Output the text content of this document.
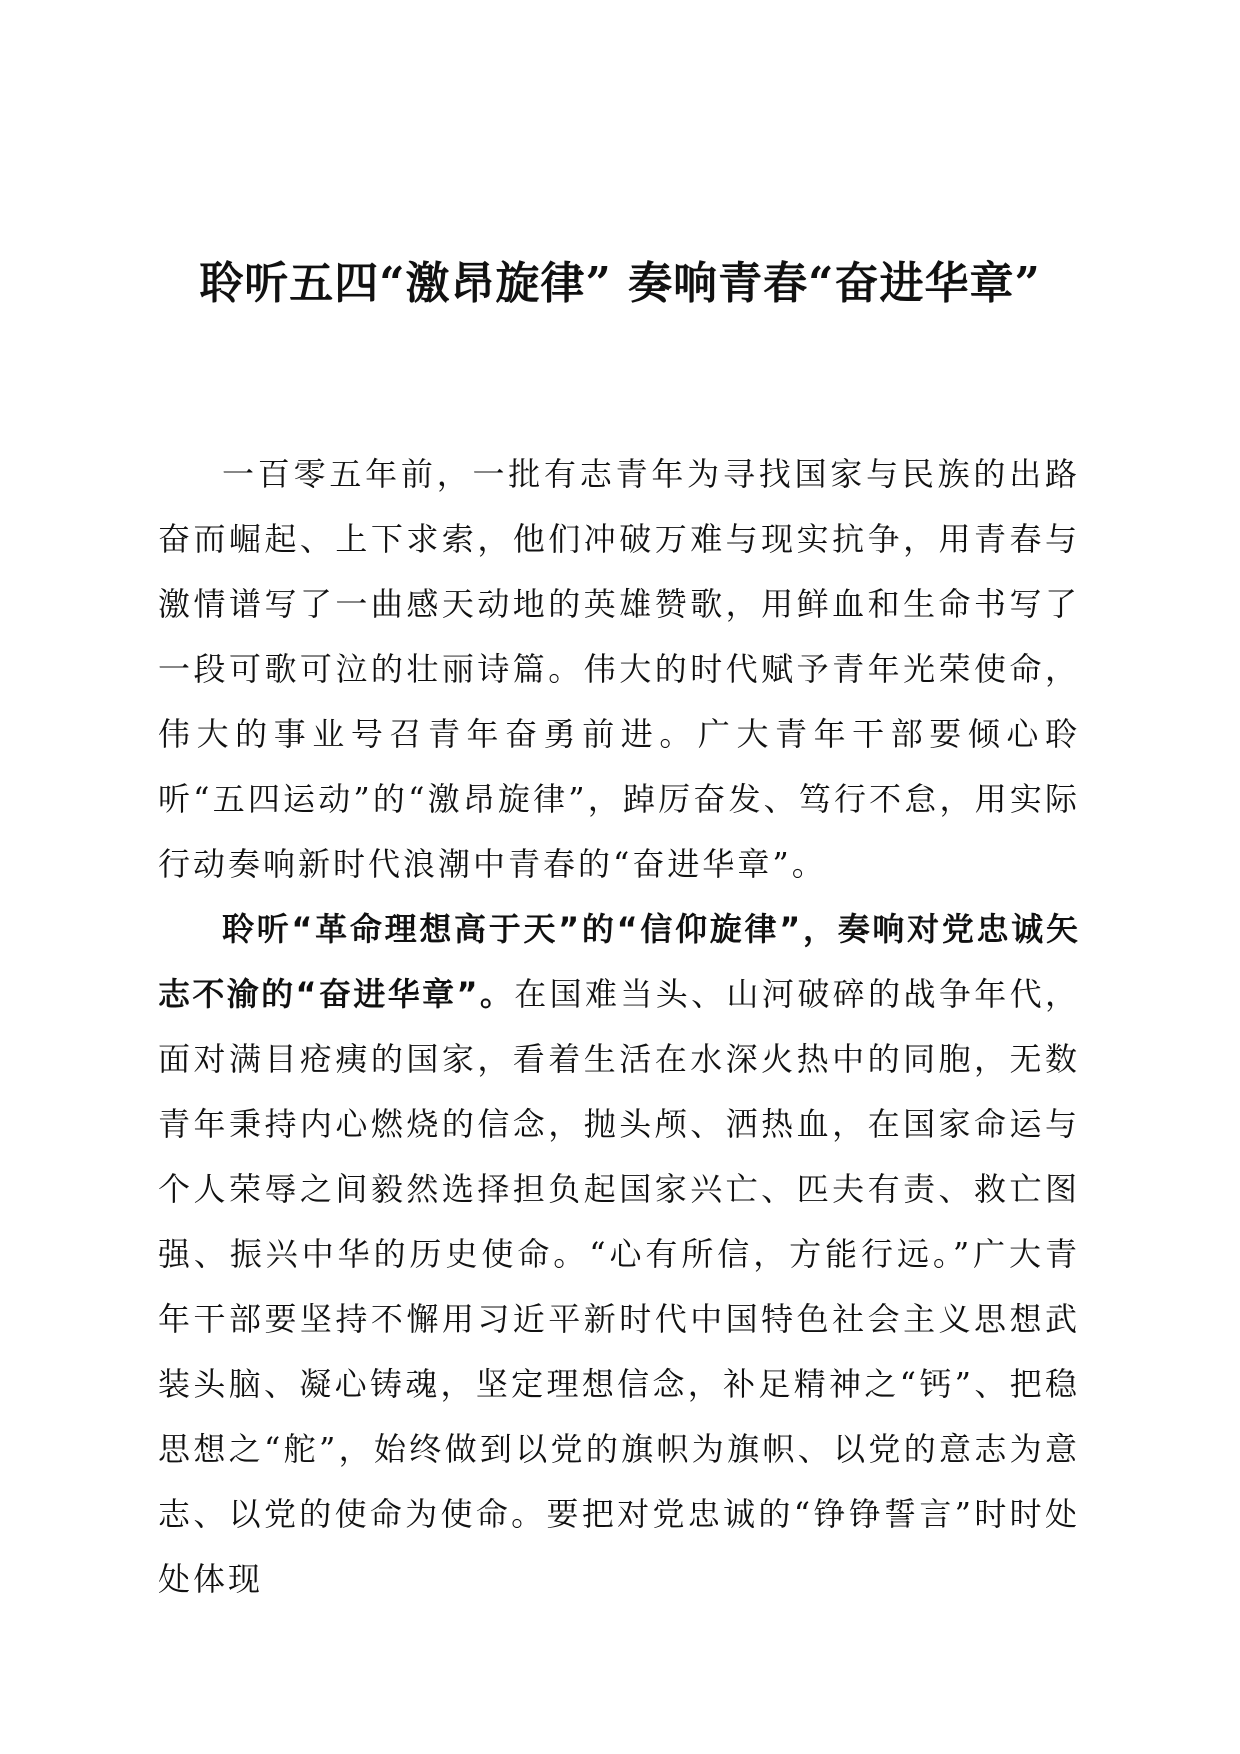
聆听五四“激昂旋律” 奏响青春“奋进华章”

一百零五年前，一批有志青年为寻找国家与民族的出路奋而崛起、上下求索，他们冲破万难与现实抗争，用青春与激情谱写了一曲感天动地的英雄赞歌，用鲜血和生命书写了一段可歌可泣的壮丽诗篇。伟大的时代赋予青年光荣使命，伟大的事业号召青年奋勇前进。广大青年干部要倾心聆听“五四运动”的“激昂旋律”，踔厉奋发、笃行不怠，用实际行动奏响新时代浪潮中青春的“奋进华章”。

聆听“革命理想高于天”的“信仰旋律”，奏响对党忠诚矢志不渝的“奋进华章”。在国难当头、山河破碎的战争年代，面对满目疮痍的国家，看着生活在水深火热中的同胞，无数青年秉持内心燃烧的信念，抛头颅、洒热血，在国家命运与个人荣辱之间毅然选择担负起国家兴亡、匹夫有责、救亡图强、振兴中华的历史使命。“心有所信，方能行远。”广大青年干部要坚持不懈用习近平新时代中国特色社会主义思想武装头脑、凝心铸魂，坚定理想信念，补足精神之“钙”、把稳思想之“舵”，始终做到以党的旗帜为旗帜、以党的意志为意志、以党的使命为使命。要把对党忠诚的“铮铮誓言”时时处处体现
